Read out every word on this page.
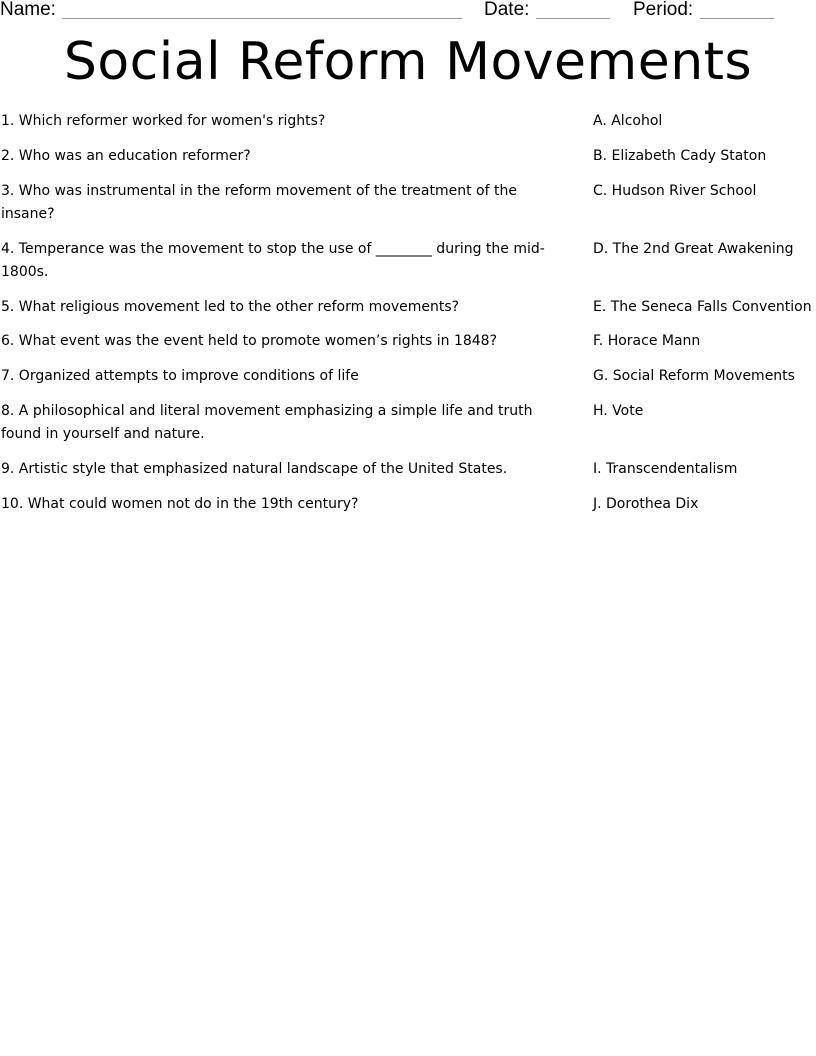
Name:	Date:	Period:
Social Reform Movements
1. Which reformer worked for women's rights?
2. Who was an education reformer?
3. Who was instrumental in the reform movement of the treatment of the insane?
4. Temperance was the movement to stop the use of ________ during the mid-1800s.
5. What religious movement led to the other reform movements?
6. What event was the event held to promote women’s rights in 1848?
7. Organized attempts to improve conditions of life
8. A philosophical and literal movement emphasizing a simple life and truth found in yourself and nature.
9. Artistic style that emphasized natural landscape of the United States.
10. What could women not do in the 19th century?
A. Alcohol
B. Elizabeth Cady Staton
C. Hudson River School
D. The 2nd Great Awakening
E. The Seneca Falls Convention
F. Horace Mann
G. Social Reform Movements
H. Vote
I. Transcendentalism
J. Dorothea Dix
